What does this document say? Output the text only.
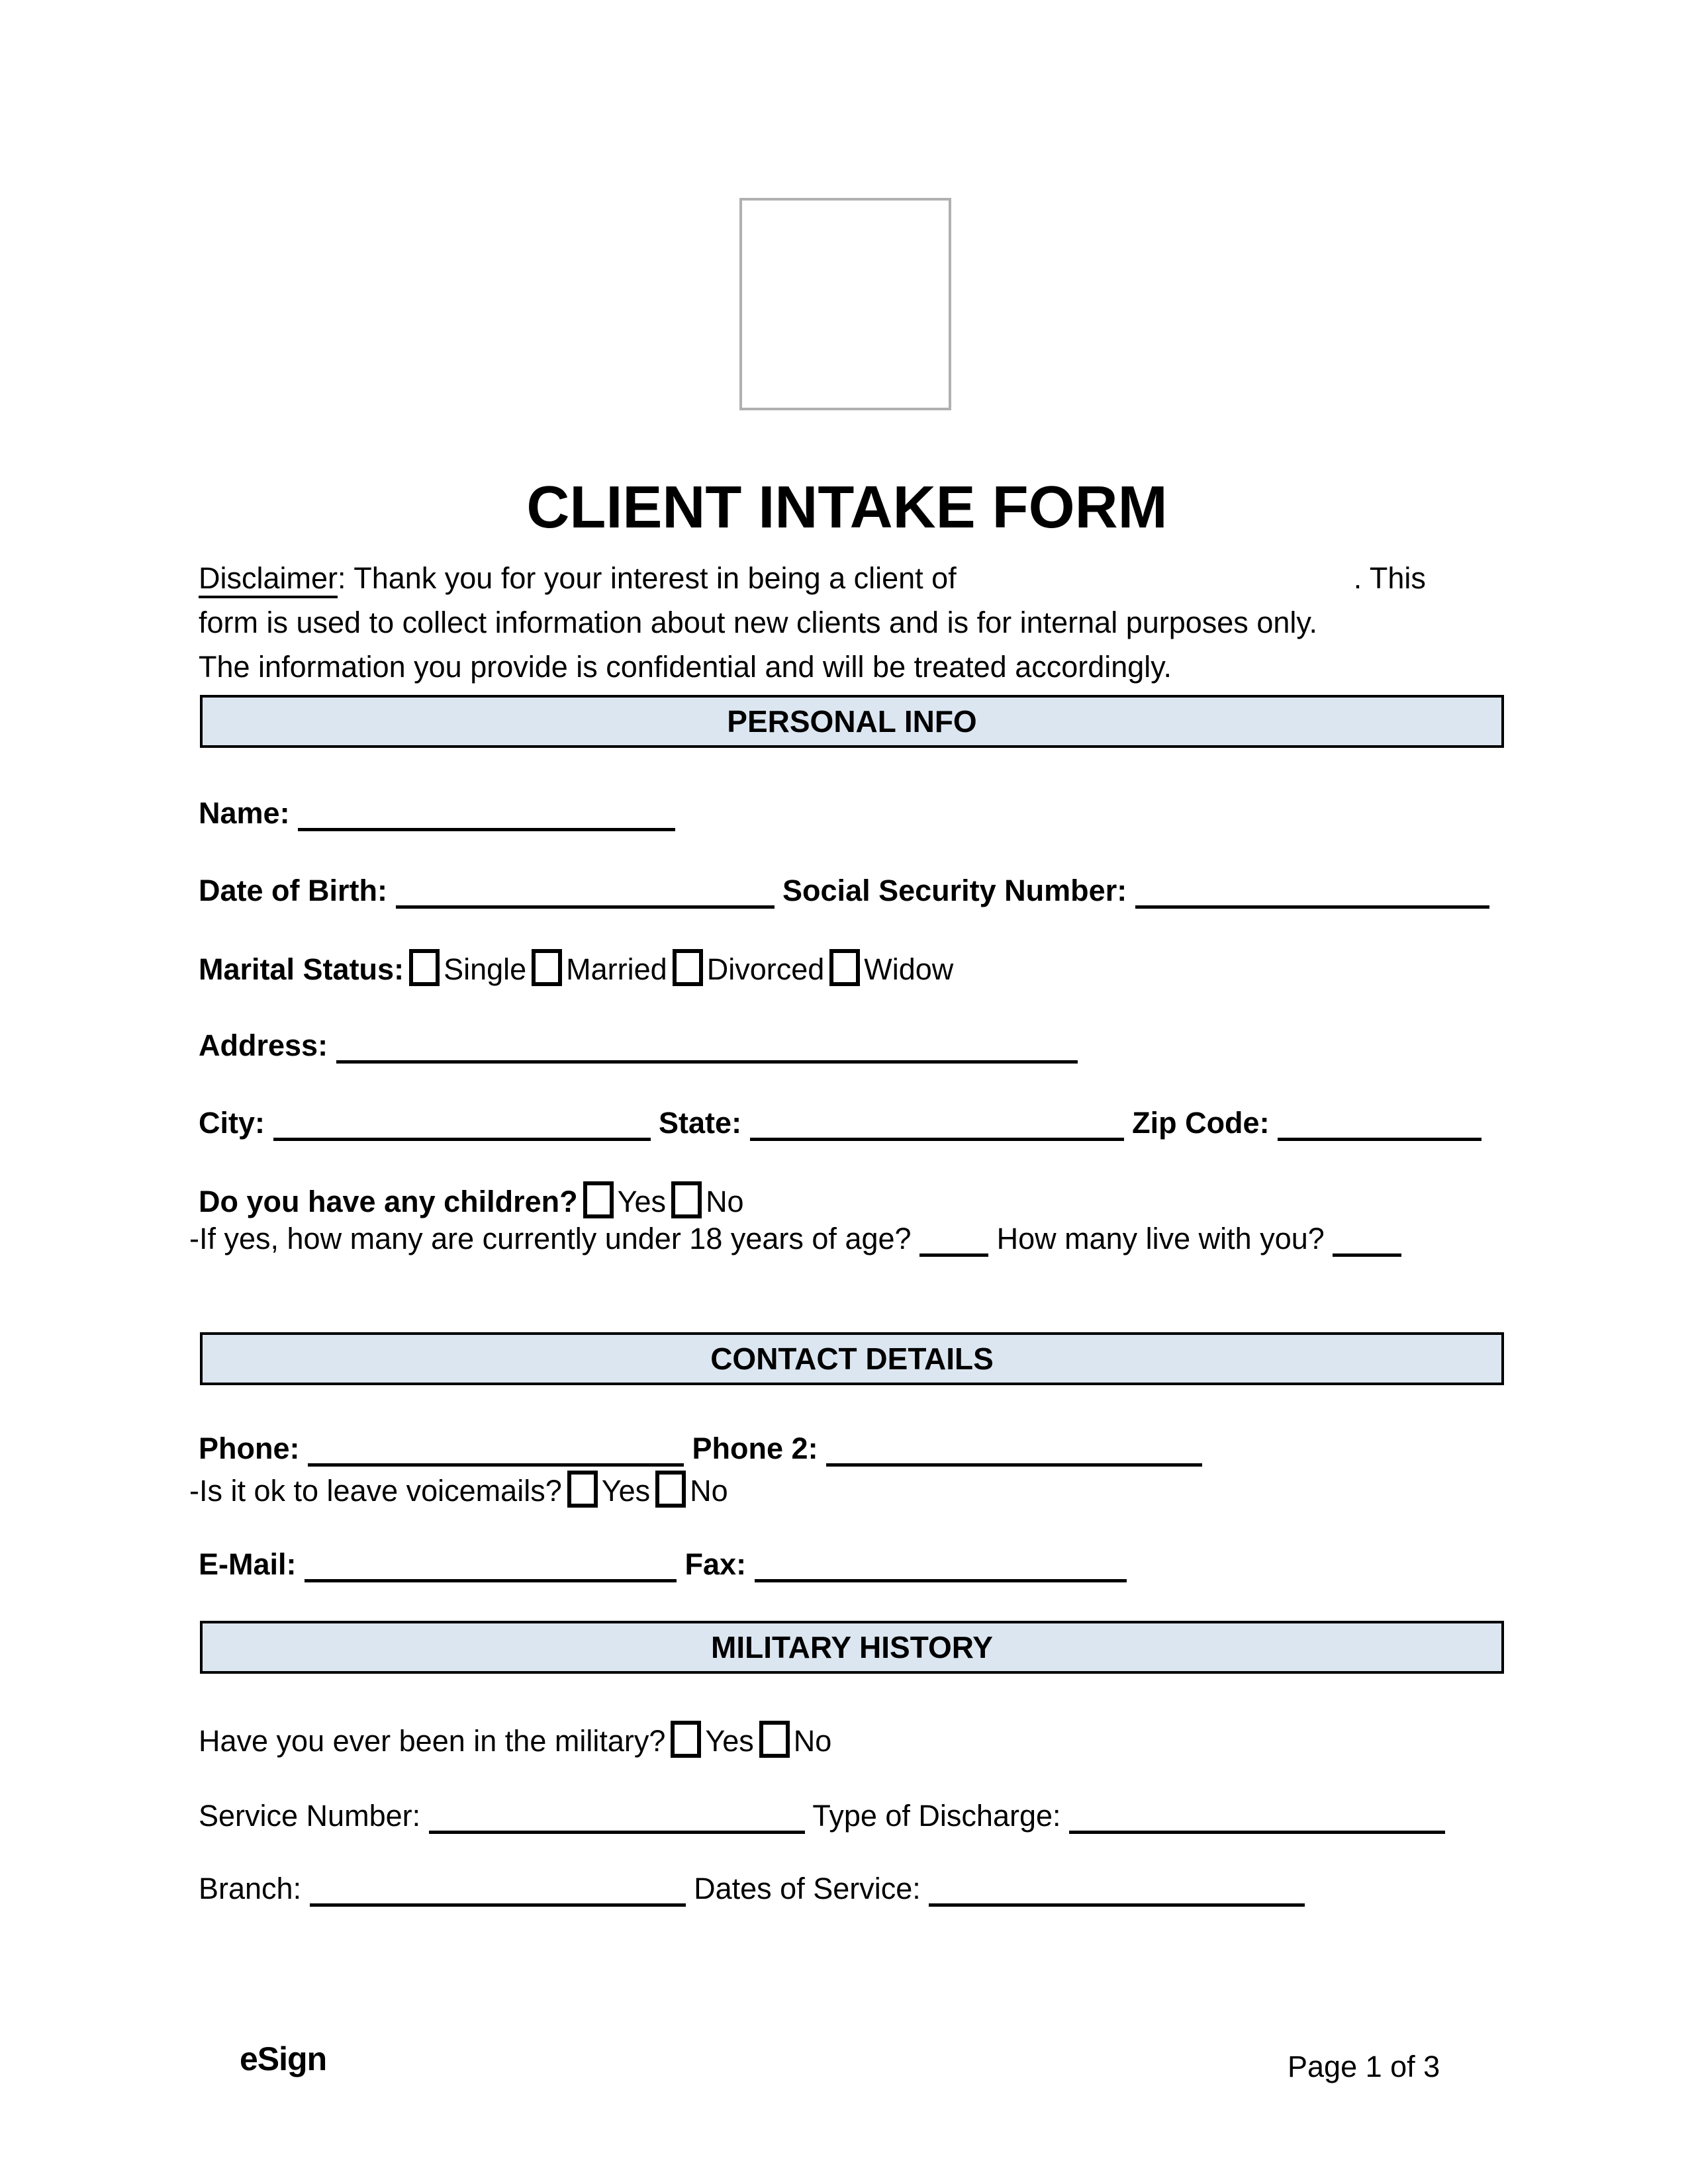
CLIENT INTAKE FORM
Disclaimer: Thank you for your interest in being a client of	. This
form is used to collect information about new clients and is for internal purposes only.
The information you provide is confidential and will be treated accordingly.
PERSONAL INFO
Name:
Date of Birth:	Social Security Number:
Marital Status: Single Married Divorced Widow
Address:
City:	State:	Zip Code:
Do you have any children? Yes No
-If yes, how many are currently under 18 years of age?	How many live with you?
CONTACT DETAILS
Phone:	Phone 2:
-Is it ok to leave voicemails? Yes No
E-Mail:	Fax:
MILITARY HISTORY
Have you ever been in the military? Yes No
Service Number:	Type of Discharge:
Branch:	Dates of Service:
eSign	Page 1 of 3
